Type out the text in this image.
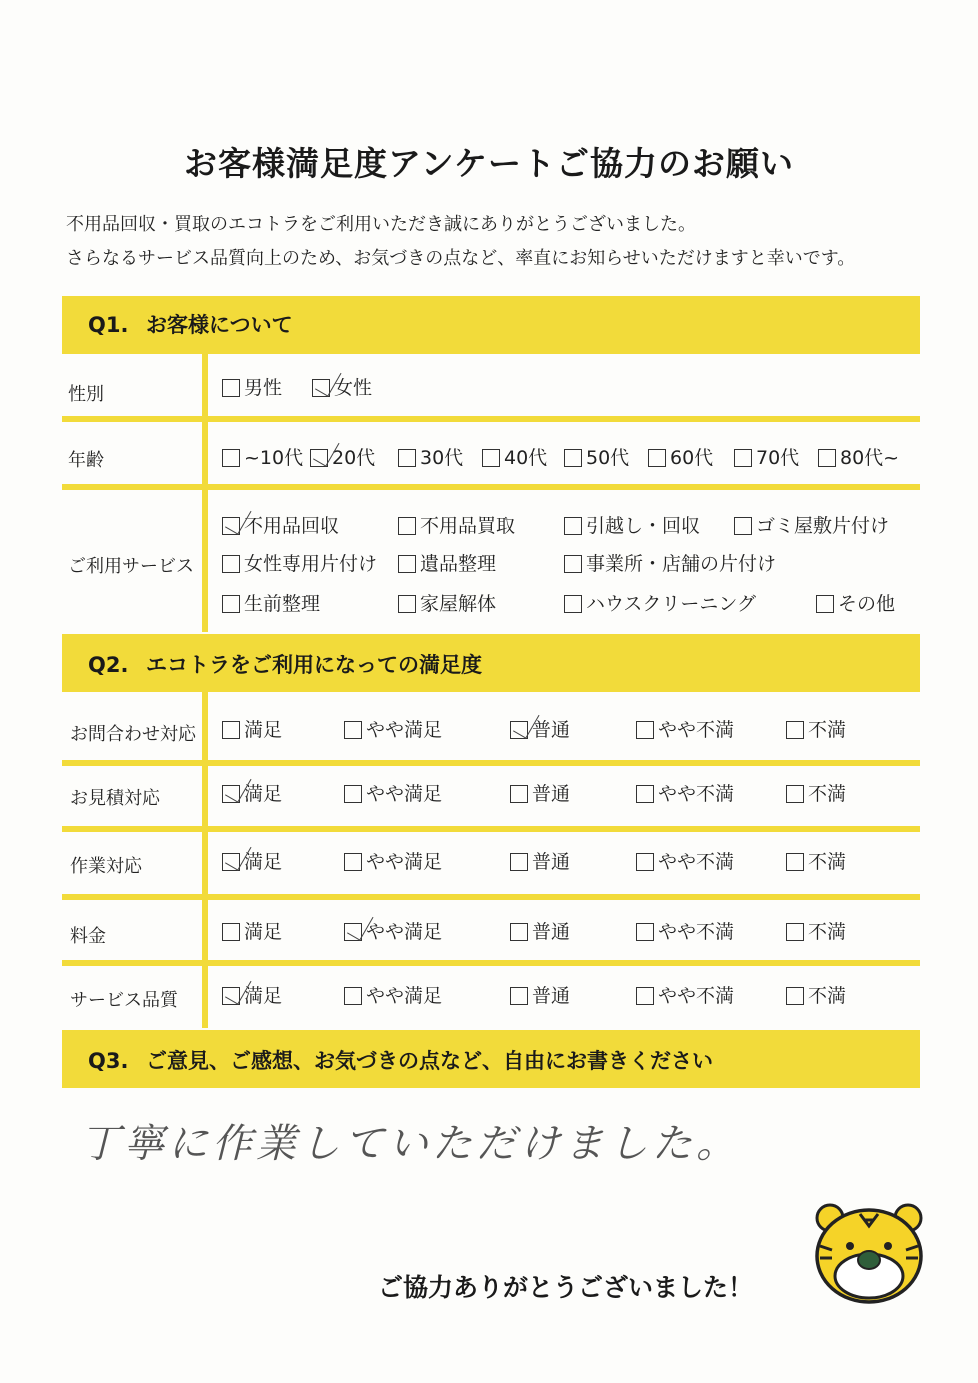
お客様満足度アンケートご協力のお願い
不用品回収・買取のエコトラをご利用いただき誠にありがとうございました。
さらなるサービス品質向上のため、お気づきの点など、率直にお知らせいただけますと幸いです。
Q1. お客様について
性別	男性	女性
年齢	~10代	20代	30代	40代	50代	60代	70代	80代~
ご利用サービス
不用品回収	不用品買取	引越し・回収	ゴミ屋敷片付け
女性専用片付け	遺品整理	事業所・店舗の片付け
生前整理	家屋解体	ハウスクリーニング	その他
Q2. エコトラをご利用になっての満足度
お問合わせ対応	満足	やや満足	普通	やや不満	不満
お見積対応	満足	やや満足	普通	やや不満	不満
作業対応	満足	やや満足	普通	やや不満	不満
料金	満足	やや満足	普通	やや不満	不満
サービス品質	満足	やや満足	普通	やや不満	不満
Q3. ご意見、ご感想、お気づきの点など、自由にお書きください
丁寧に作業していただけました。
ご協力ありがとうございました！
